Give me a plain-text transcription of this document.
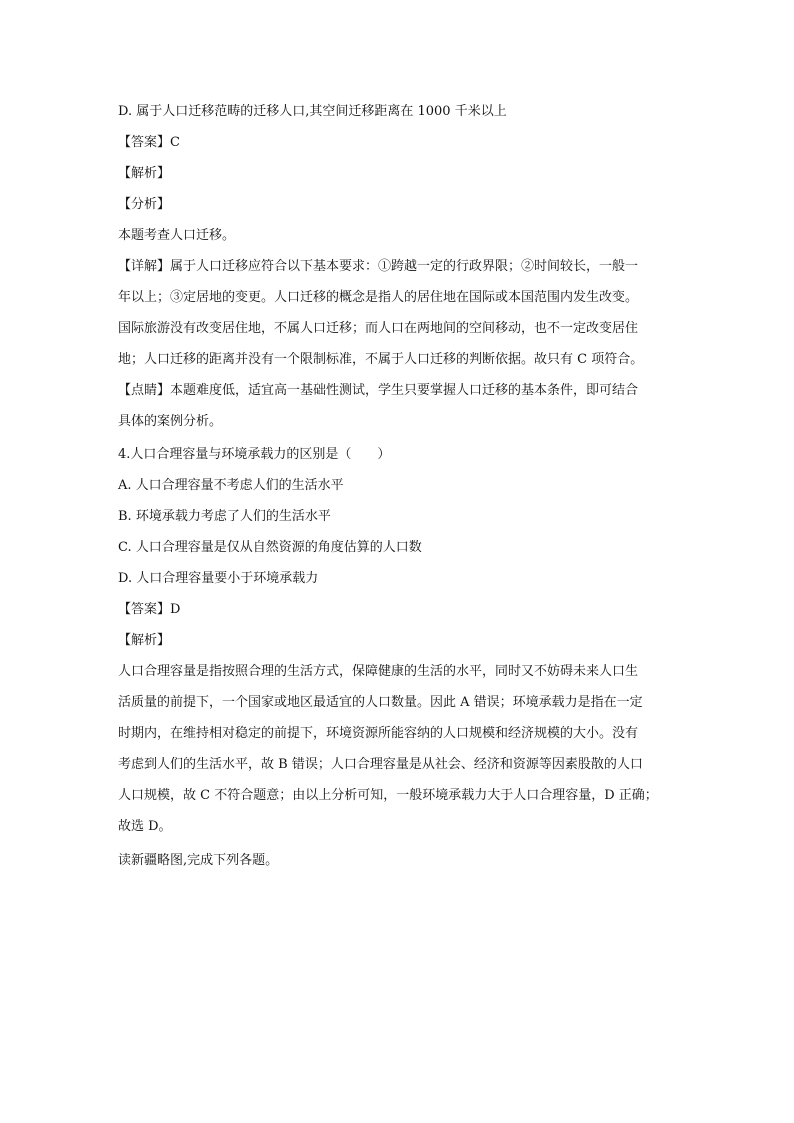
D. 属于人口迁移范畴的迁移人口,其空间迁移距离在 1000 千米以上
【答案】C
【解析】
【分析】
本题考查人口迁移。
【详解】属于人口迁移应符合以下基本要求：①跨越一定的行政界限；②时间较长，一般一
年以上；③定居地的变更。人口迁移的概念是指人的居住地在国际或本国范围内发生改变。
国际旅游没有改变居住地，不属人口迁移；而人口在两地间的空间移动，也不一定改变居住
地；人口迁移的距离并没有一个限制标准，不属于人口迁移的判断依据。故只有 C 项符合。
【点睛】本题难度低，适宜高一基础性测试，学生只要掌握人口迁移的基本条件，即可结合
具体的案例分析。
4.人口合理容量与环境承载力的区别是（　　）
A. 人口合理容量不考虑人们的生活水平
B. 环境承载力考虑了人们的生活水平
C. 人口合理容量是仅从自然资源的角度估算的人口数
D. 人口合理容量要小于环境承载力
【答案】D
【解析】
人口合理容量是指按照合理的生活方式，保障健康的生活的水平，同时又不妨碍未来人口生
活质量的前提下，一个国家或地区最适宜的人口数量。因此 A 错误；环境承载力是指在一定
时期内，在维持相对稳定的前提下，环境资源所能容纳的人口规模和经济规模的大小。没有
考虑到人们的生活水平，故 B 错误；人口合理容量是从社会、经济和资源等因素股散的人口
人口规模，故 C 不符合题意；由以上分析可知，一般环境承载力大于人口合理容量，D 正确；
故选 D。
读新疆略图,完成下列各题。
